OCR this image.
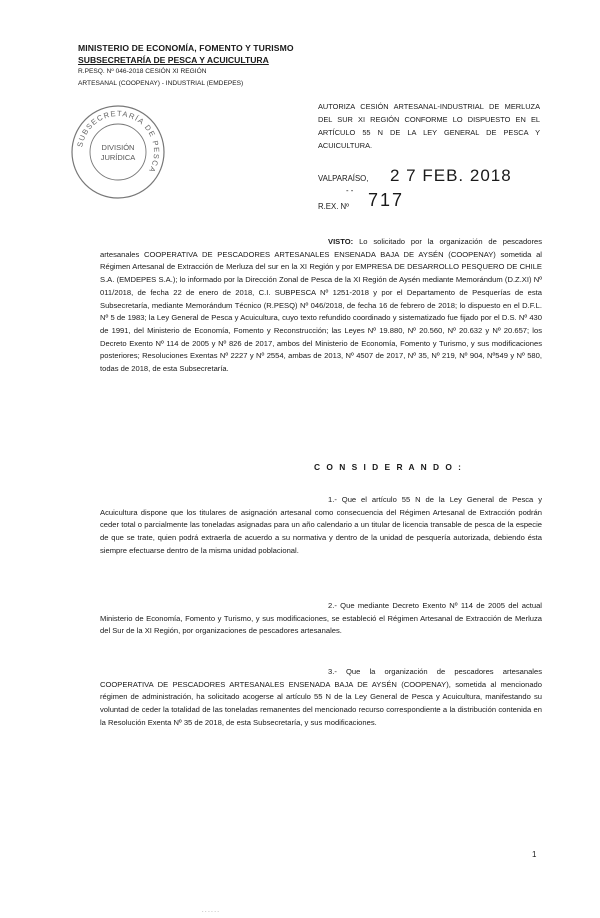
MINISTERIO DE ECONOMÍA, FOMENTO Y TURISMO
SUBSECRETARÍA DE PESCA Y ACUICULTURA
R.PESQ. Nº 046-2018 CESIÓN XI REGIÓN
ARTESANAL (COOPENAY) - INDUSTRIAL (EMDEPES)
SUBSECRETARÍA DE PESCA
DIVISIÓN
JURÍDICA
AUTORIZA CESIÓN ARTESANAL-INDUSTRIAL DE MERLUZA DEL SUR XI REGIÓN CONFORME LO DISPUESTO EN EL ARTÍCULO 55 N DE LA LEY GENERAL DE PESCA Y ACUICULTURA.
VALPARAÍSO,
- -
2 7 FEB. 2018
R.EX. Nº 717
VISTO: Lo solicitado por la organización de pescadores artesanales COOPERATIVA DE PESCADORES ARTESANALES ENSENADA BAJA DE AYSÉN (COOPENAY) sometida al Régimen Artesanal de Extracción de Merluza del sur en la XI Región y por EMPRESA DE DESARROLLO PESQUERO DE CHILE S.A. (EMDEPES S.A.); lo informado por la Dirección Zonal de Pesca de la XI Región de Aysén mediante Memorándum (D.Z.XI) Nº 011/2018, de fecha 22 de enero de 2018, C.I. SUBPESCA Nº 1251-2018 y por el Departamento de Pesquerías de esta Subsecretaría, mediante Memorándum Técnico (R.PESQ) Nº 046/2018, de fecha 16 de febrero de 2018; lo dispuesto en el D.F.L. Nº 5 de 1983; la Ley General de Pesca y Acuicultura, cuyo texto refundido coordinado y sistematizado fue fijado por el D.S. Nº 430 de 1991, del Ministerio de Economía, Fomento y Reconstrucción; las Leyes Nº 19.880, Nº 20.560, Nº 20.632 y Nº 20.657; los Decreto Exento Nº 114 de 2005 y Nº 826 de 2017, ambos del Ministerio de Economía, Fomento y Turismo, y sus modificaciones posteriores; Resoluciones Exentas Nº 2227 y Nº 2554, ambas de 2013, Nº 4507 de 2017, Nº 35, Nº 219, Nº 904, Nº549 y Nº 580, todas de 2018, de esta Subsecretaría.
C O N S I D E R A N D O :
1.- Que el artículo 55 N de la Ley General de Pesca y Acuicultura dispone que los titulares de asignación artesanal como consecuencia del Régimen Artesanal de Extracción podrán ceder total o parcialmente las toneladas asignadas para un año calendario a un titular de licencia transable de pesca de la especie de que se trate, quien podrá extraerla de acuerdo a su normativa y dentro de la unidad de pesquería autorizada, debiendo ésta siempre efectuarse dentro de la misma unidad poblacional.
2.- Que mediante Decreto Exento Nº 114 de 2005 del actual Ministerio de Economía, Fomento y Turismo, y sus modificaciones, se estableció el Régimen Artesanal de Extracción de Merluza del Sur de la XI Región, por organizaciones de pescadores artesanales.
3.- Que la organización de pescadores artesanales COOPERATIVA DE PESCADORES ARTESANALES ENSENADA BAJA DE AYSÉN (COOPENAY), sometida al mencionado régimen de administración, ha solicitado acogerse al artículo 55 N de la Ley General de Pesca y Acuicultura, manifestando su voluntad de ceder la totalidad de las toneladas remanentes del mencionado recurso correspondiente a la distribución contenida en la Resolución Exenta Nº 35 de 2018, de esta Subsecretaría, y sus modificaciones.
1
· · · · · ·
